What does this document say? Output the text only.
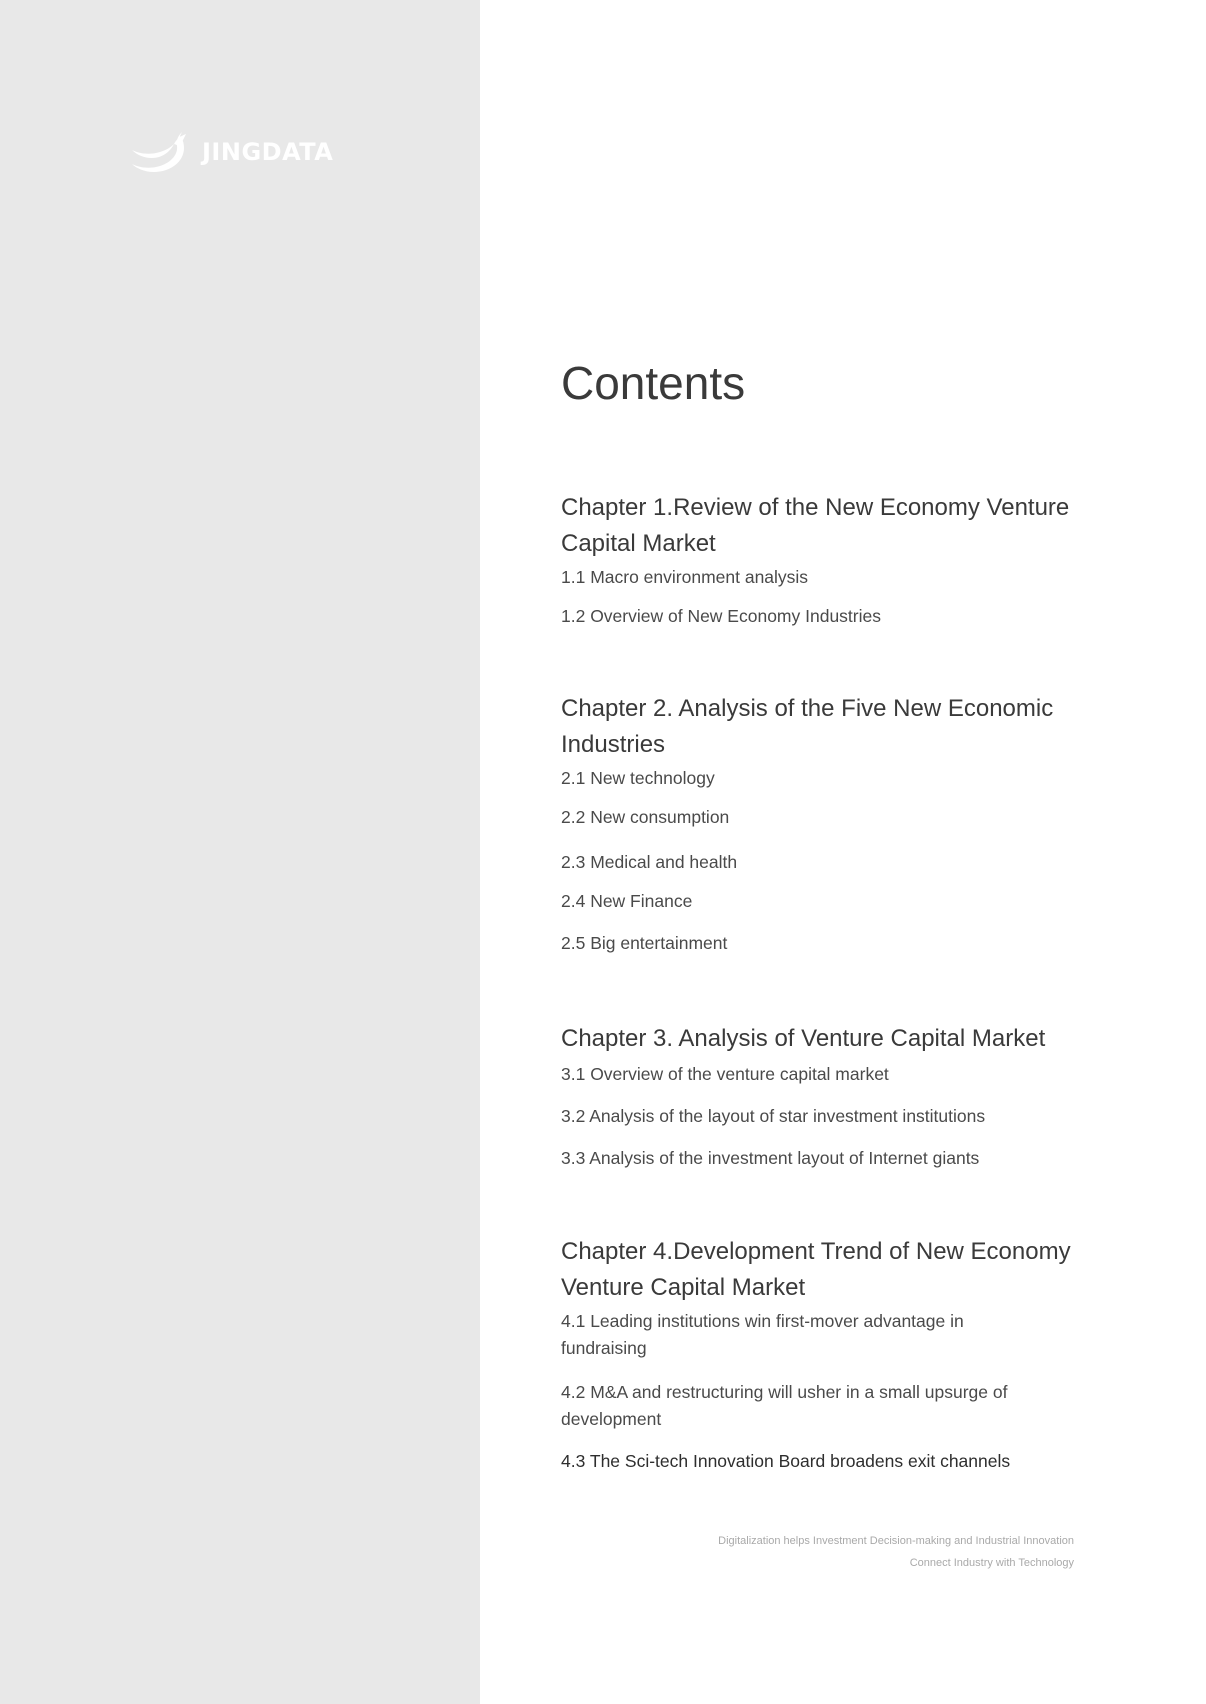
JINGDATA
Contents
Chapter 1.Review of the New Economy Venture Capital Market
1.1 Macro environment analysis
1.2 Overview of New Economy Industries
Chapter 2. Analysis of the Five New Economic Industries
2.1 New technology
2.2 New consumption
2.3 Medical and health
2.4 New Finance
2.5 Big entertainment
Chapter 3. Analysis of Venture Capital Market
3.1 Overview of the venture capital market
3.2 Analysis of the layout of star investment institutions
3.3 Analysis of the investment layout of Internet giants
Chapter 4.Development Trend of New Economy Venture Capital Market
4.1 Leading institutions win first-mover advantage in fundraising
4.2 M&A and restructuring will usher in a small upsurge of development
4.3 The Sci-tech Innovation Board broadens exit channels
Digitalization helps Investment Decision-making and Industrial Innovation
Connect Industry with Technology
